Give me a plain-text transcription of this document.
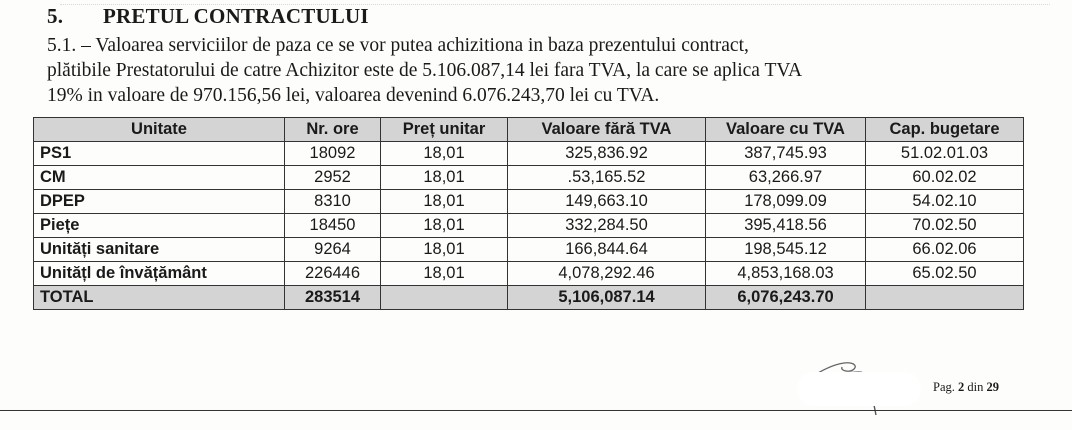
5. PRETUL CONTRACTULUI
5.1. – Valoarea serviciilor de paza ce se vor putea achizitiona in baza prezentului contract,
plătibile Prestatorului de catre Achizitor este de 5.106.087,14 lei fara TVA, la care se aplica TVA
19% in valoare de 970.156,56 lei, valoarea devenind 6.076.243,70 lei cu TVA.
Unitate	Nr. ore	Preț unitar	Valoare fără TVA	Valoare cu TVA	Cap. bugetare
PS1	18092	18,01	325,836.92	387,745.93	51.02.01.03
CM	2952	18,01	.53,165.52	63,266.97	60.02.02
DPEP	8310	18,01	149,663.10	178,099.09	54.02.10
Piețe	18450	18,01	332,284.50	395,418.56	70.02.50
Unități sanitare	9264	18,01	166,844.64	198,545.12	66.02.06
Unitățl de învățământ	226446	18,01	4,078,292.46	4,853,168.03	65.02.50
TOTAL	283514		5,106,087.14	6,076,243.70	
Pag. 2 din 29
